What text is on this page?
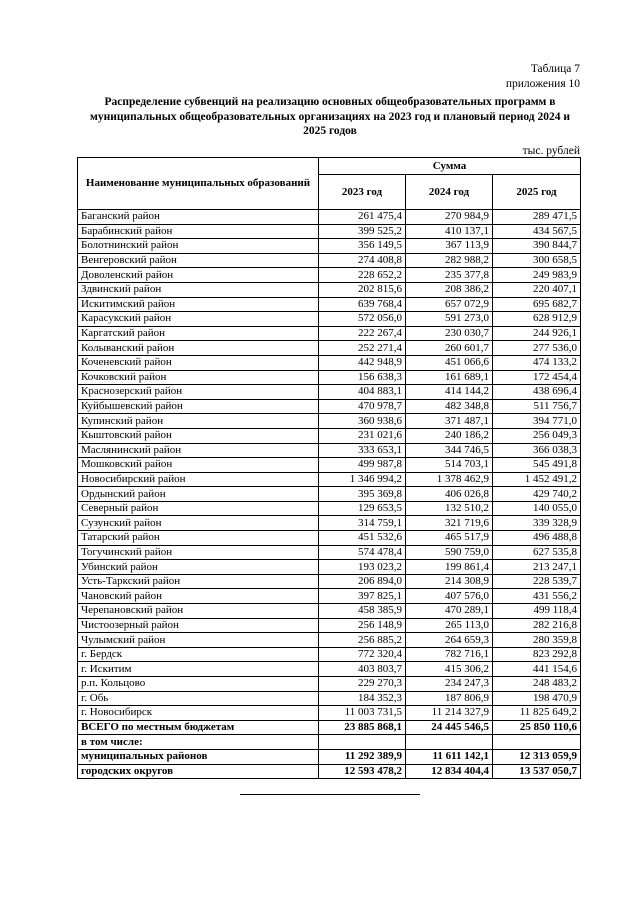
Таблица 7
приложения 10
Распределение субвенций на реализацию основных общеобразовательных программ в муниципальных общеобразовательных организациях на 2023 год и плановый период 2024 и 2025 годов
тыс. рублей
Наименование муниципальных образований	Сумма		
	2023 год	2024 год	2025 год
Баганский район	261 475,4	270 984,9	289 471,5
Барабинский район	399 525,2	410 137,1	434 567,5
Болотнинский район	356 149,5	367 113,9	390 844,7
Венгеровский район	274 408,8	282 988,2	300 658,5
Доволенский район	228 652,2	235 377,8	249 983,9
Здвинский район	202 815,6	208 386,2	220 407,1
Искитимский район	639 768,4	657 072,9	695 682,7
Карасукский район	572 056,0	591 273,0	628 912,9
Каргатский район	222 267,4	230 030,7	244 926,1
Колыванский район	252 271,4	260 601,7	277 536,0
Коченевский район	442 948,9	451 066,6	474 133,2
Кочковский район	156 638,3	161 689,1	172 454,4
Краснозерский район	404 883,1	414 144,2	438 696,4
Куйбышевский район	470 978,7	482 348,8	511 756,7
Купинский район	360 938,6	371 487,1	394 771,0
Кыштовский район	231 021,6	240 186,2	256 049,3
Маслянинский район	333 653,1	344 746,5	366 038,3
Мошковский район	499 987,8	514 703,1	545 491,8
Новосибирский район	1 346 994,2	1 378 462,9	1 452 491,2
Ордынский район	395 369,8	406 026,8	429 740,2
Северный район	129 653,5	132 510,2	140 055,0
Сузунский район	314 759,1	321 719,6	339 328,9
Татарский район	451 532,6	465 517,9	496 488,8
Тогучинский район	574 478,4	590 759,0	627 535,8
Убинский район	193 023,2	199 861,4	213 247,1
Усть-Таркский район	206 894,0	214 308,9	228 539,7
Чановский район	397 825,1	407 576,0	431 556,2
Черепановский район	458 385,9	470 289,1	499 118,4
Чистоозерный район	256 148,9	265 113,0	282 216,8
Чулымский район	256 885,2	264 659,3	280 359,8
г. Бердск	772 320,4	782 716,1	823 292,8
г. Искитим	403 803,7	415 306,2	441 154,6
р.п. Кольцово	229 270,3	234 247,3	248 483,2
г. Обь	184 352,3	187 806,9	198 470,9
г. Новосибирск	11 003 731,5	11 214 327,9	11 825 649,2
ВСЕГО по местным бюджетам	23 885 868,1	24 445 546,5	25 850 110,6
в том числе:			
муниципальных районов	11 292 389,9	11 611 142,1	12 313 059,9
городских округов	12 593 478,2	12 834 404,4	13 537 050,7
